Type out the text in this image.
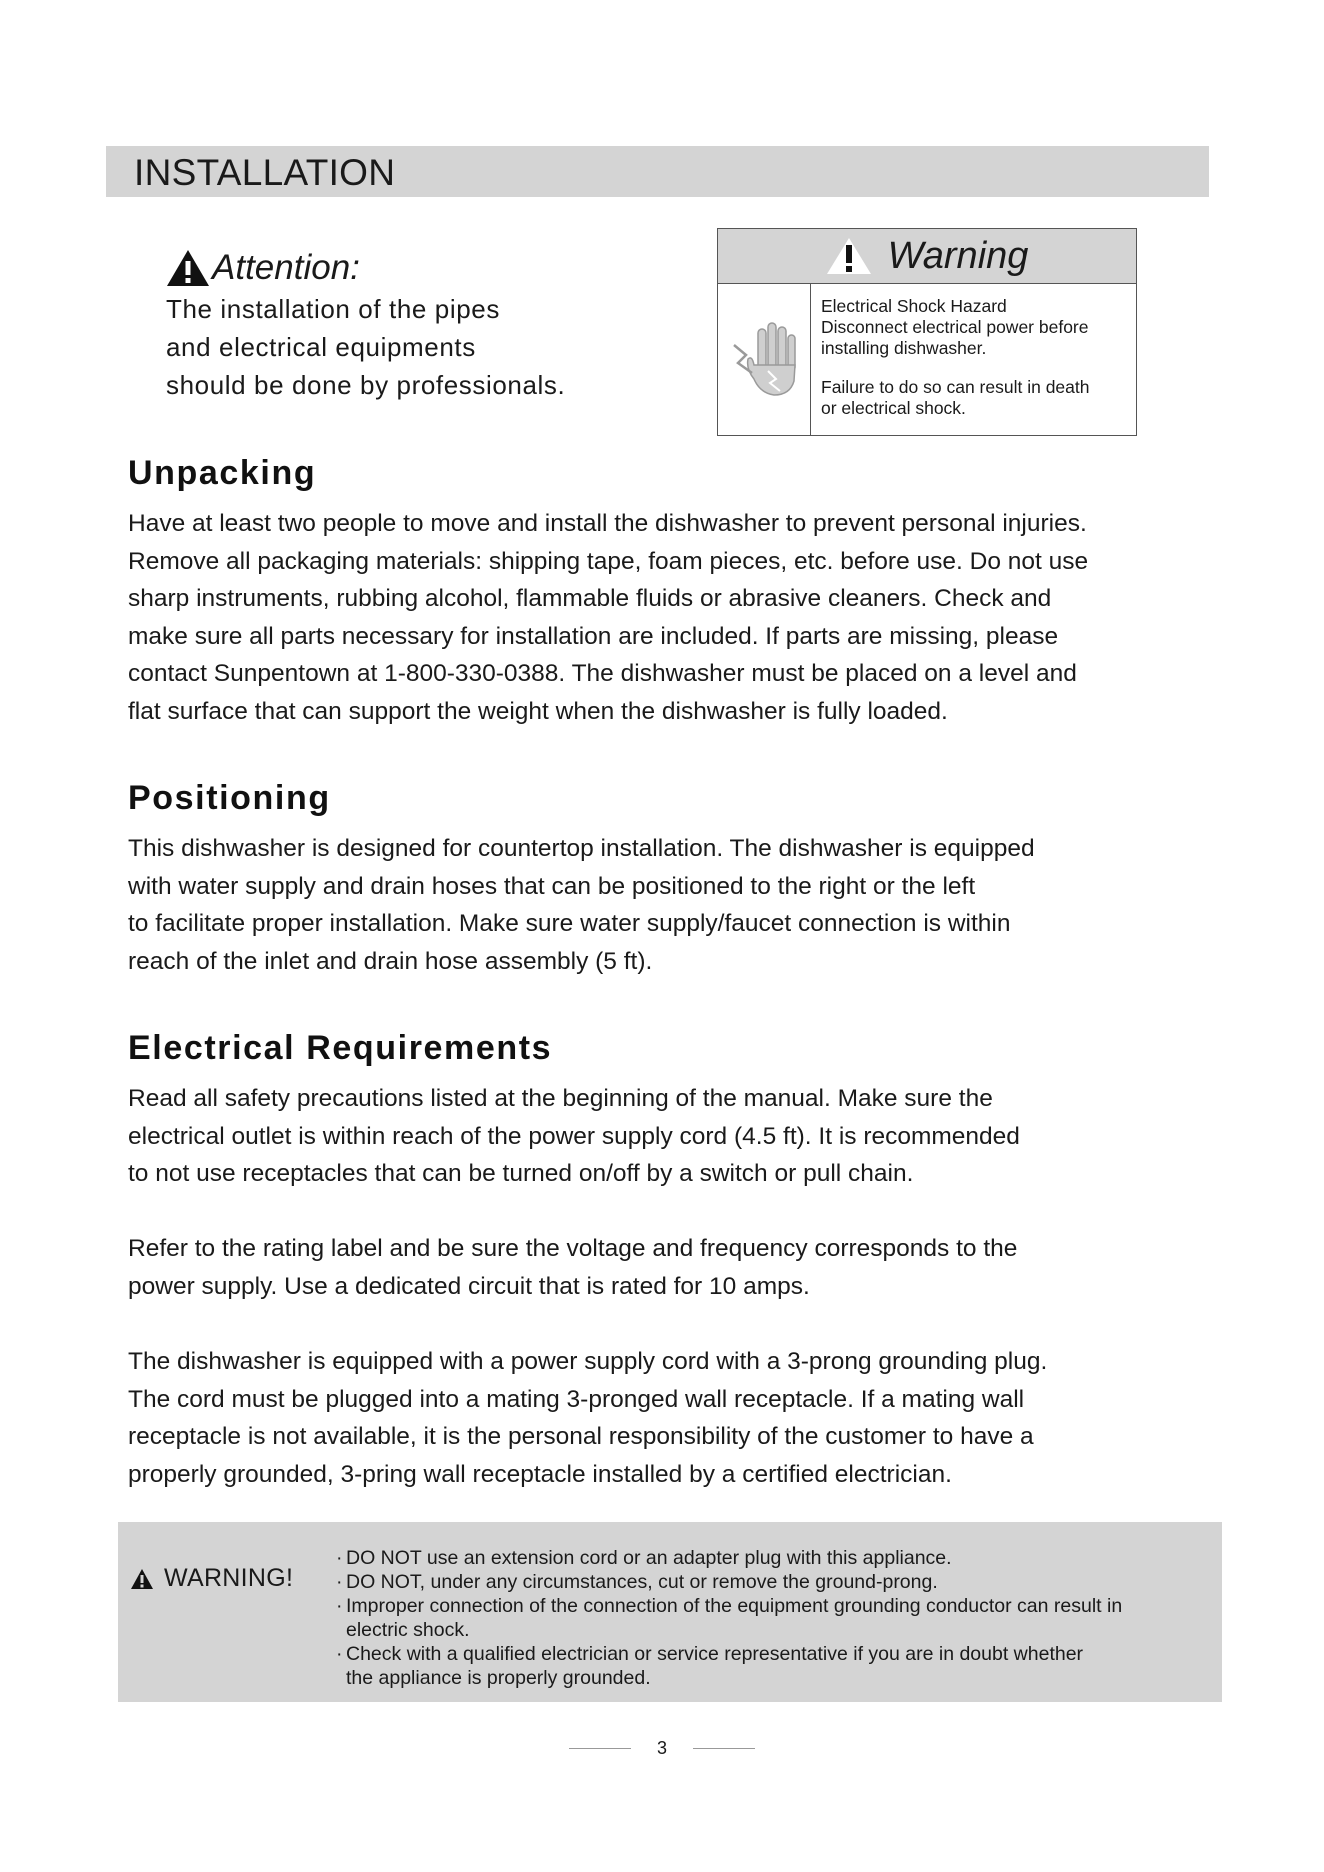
INSTALLATION
Attention:
The installation of the pipes
and electrical equipments
should be done by professionals.
Warning

Electrical Shock Hazard
Disconnect electrical power before
installing dishwasher.

Failure to do so can result in death
or electrical shock.

Unpacking
Have at least two people to move and install the dishwasher to prevent personal injuries.
Remove all packaging materials: shipping tape, foam pieces, etc. before use. Do not use
sharp instruments, rubbing alcohol, flammable fluids or abrasive cleaners. Check and
make sure all parts necessary for installation are included. If parts are missing, please
contact Sunpentown at 1-800-330-0388. The dishwasher must be placed on a level and
flat surface that can support the weight when the dishwasher is fully loaded.
Positioning
This dishwasher is designed for countertop installation. The dishwasher is equipped
with water supply and drain hoses that can be positioned to the right or the left
to facilitate proper installation. Make sure water supply/faucet connection is within
reach of the inlet and drain hose assembly (5 ft).
Electrical Requirements
Read all safety precautions listed at the beginning of the manual. Make sure the
electrical outlet is within reach of the power supply cord (4.5 ft). It is recommended
to not use receptacles that can be turned on/off by a switch or pull chain.
Refer to the rating label and be sure the voltage and frequency corresponds to the
power supply. Use a dedicated circuit that is rated for 10 amps.
The dishwasher is equipped with a power supply cord with a 3-prong grounding plug.
The cord must be plugged into a mating 3-pronged wall receptacle. If a mating wall
receptacle is not available, it is the personal responsibility of the customer to have a
properly grounded, 3-pring wall receptacle installed by a certified electrician.
WARNING!
· DO NOT use an extension cord or an adapter plug with this appliance.
· DO NOT, under any circumstances, cut or remove the ground-prong.
· Improper connection of the connection of the equipment grounding conductor can result in
electric shock.
· Check with a qualified electrician or service representative if you are in doubt whether
the appliance is properly grounded.
3
